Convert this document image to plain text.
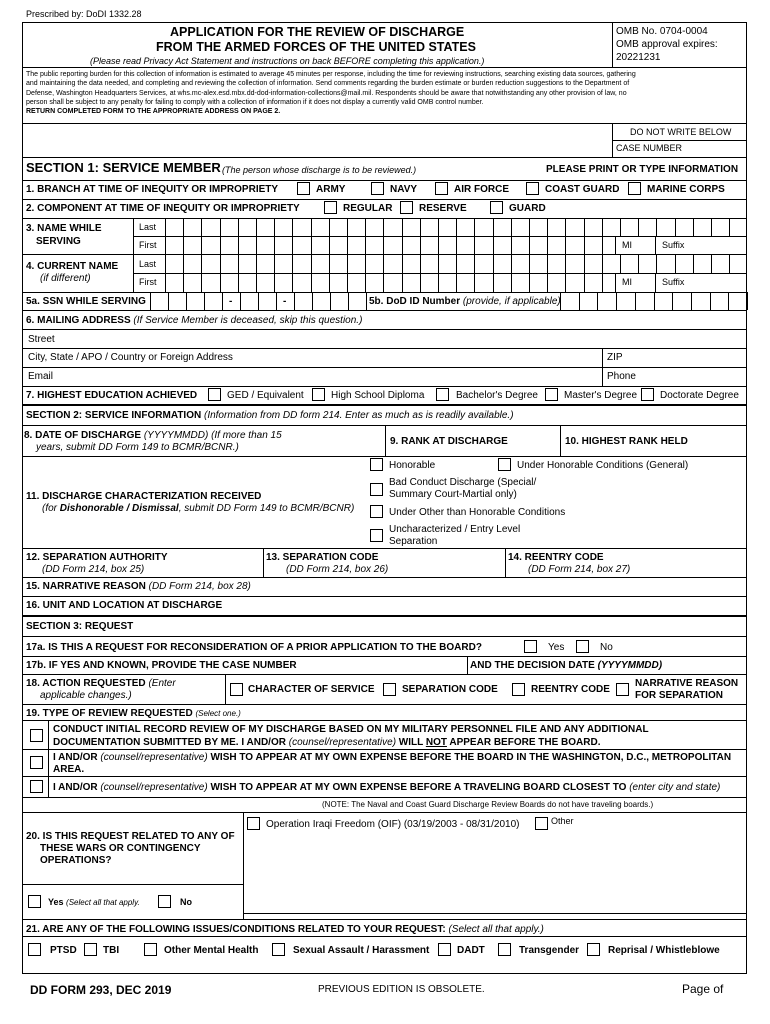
Prescribed by: DoDI 1332.28
APPLICATION FOR THE REVIEW OF DISCHARGE
FROM THE ARMED FORCES OF THE UNITED STATES
(Please read Privacy Act Statement and instructions on back BEFORE completing this application.)
OMB No. 0704-0004
OMB approval expires:
20221231
The public reporting burden for this collection of information is estimated to average 45 minutes per response, including the time for reviewing instructions, searching existing data sources, gathering
and maintaining the data needed, and completing and reviewing the collection of information. Send comments regarding the burden estimate or burden reduction suggestions to the Department of
Defense, Washington Headquarters Services, at whs.mc-alex.esd.mbx.dd-dod-information-collections@mail.mil. Respondents should be aware that notwithstanding any other provision of law, no
person shall be subject to any penalty for failing to comply with a collection of information if it does not display a currently valid OMB control number.
RETURN COMPLETED FORM TO THE APPROPRIATE ADDRESS ON PAGE 2.
DO NOT WRITE BELOW
CASE NUMBER
SECTION 1: SERVICE MEMBER (The person whose discharge is to be reviewed.)	PLEASE PRINT OR TYPE INFORMATION
1. BRANCH AT TIME OF INEQUITY OR IMPROPRIETY	ARMY	NAVY	AIR FORCE	COAST GUARD	MARINE CORPS
2. COMPONENT AT TIME OF INEQUITY OR IMPROPRIETY	REGULAR	RESERVE	GUARD
3. NAME WHILE
SERVING
Last
First	MI	Suffix
4. CURRENT NAME
(if different)
Last
First	MI	Suffix
5a. SSN WHILE SERVING	-	-	5b. DoD ID Number (provide, if applicable)
6. MAILING ADDRESS (If Service Member is deceased, skip this question.)
Street
City, State / APO / Country or Foreign Address	ZIP
Email	Phone
7. HIGHEST EDUCATION ACHIEVED	GED / Equivalent	High School Diploma	Bachelor's Degree	Master's Degree Doctorate Degree
SECTION 2: SERVICE INFORMATION (Information from DD form 214. Enter as much as is readily available.)
8. DATE OF DISCHARGE (YYYYMMDD) (If more than 15
years, submit DD Form 149 to BCMR/BCNR.)
9. RANK AT DISCHARGE	10. HIGHEST RANK HELD
11. DISCHARGE CHARACTERIZATION RECEIVED
(for Dishonorable / Dismissal, submit DD Form 149 to BCMR/BCNR)
Honorable	Under Honorable Conditions (General)
Bad Conduct Discharge (Special/
Summary Court-Martial only)
Under Other than Honorable Conditions
Uncharacterized / Entry Level
Separation
12. SEPARATION AUTHORITY
(DD Form 214, box 25)
13. SEPARATION CODE
(DD Form 214, box 26)
14. REENTRY CODE
(DD Form 214, box 27)
15. NARRATIVE REASON (DD Form 214, box 28)
16. UNIT AND LOCATION AT DISCHARGE
SECTION 3: REQUEST
17a. IS THIS A REQUEST FOR RECONSIDERATION OF A PRIOR APPLICATION TO THE BOARD?	Yes	No
17b. IF YES AND KNOWN, PROVIDE THE CASE NUMBER	AND THE DECISION DATE (YYYYMMDD)
18. ACTION REQUESTED (Enter
applicable changes.)
CHARACTER OF SERVICE	SEPARATION CODE	REENTRY CODE
NARRATIVE REASON
FOR SEPARATION
19. TYPE OF REVIEW REQUESTED (Select one.)
CONDUCT INITIAL RECORD REVIEW OF MY DISCHARGE BASED ON MY MILITARY PERSONNEL FILE AND ANY ADDITIONAL
DOCUMENTATION SUBMITTED BY ME. I AND/OR (counsel/representative) WILL NOT APPEAR BEFORE THE BOARD.
I AND/OR (counsel/representative) WISH TO APPEAR AT MY OWN EXPENSE BEFORE THE BOARD IN THE WASHINGTON, D.C., METROPOLITAN
AREA.
I AND/OR (counsel/representative) WISH TO APPEAR AT MY OWN EXPENSE BEFORE A TRAVELING BOARD CLOSEST TO (enter city and state)
(NOTE: The Naval and Coast Guard Discharge Review Boards do not have traveling boards.)
20. IS THIS REQUEST RELATED TO ANY OF
THESE WARS OR CONTINGENCY
OPERATIONS?
Yes (Select all that apply.	No
Operation Iraqi Freedom (OIF) (03/19/2003 - 08/31/2010)	Other
21. ARE ANY OF THE FOLLOWING ISSUES/CONDITIONS RELATED TO YOUR REQUEST: (Select all that apply.)
PTSD	TBI	Other Mental Health	Sexual Assault / Harassment	DADT	Transgender	Reprisal / Whistleblowe
DD FORM 293, DEC 2019	PREVIOUS EDITION IS OBSOLETE.	Page of
